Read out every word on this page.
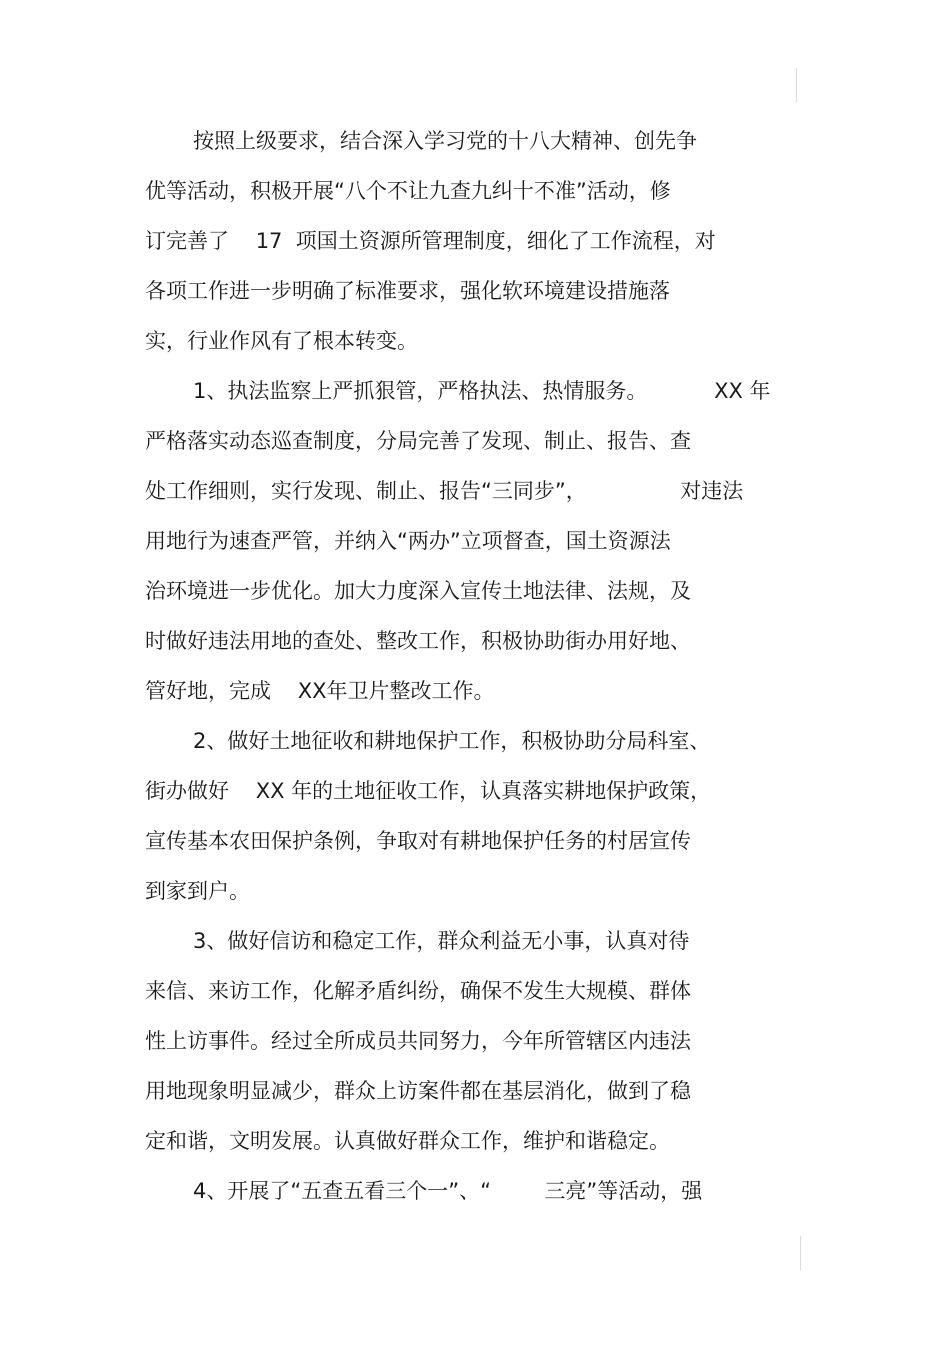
按照上级要求，结合深入学习党的十八大精神、创先争
优等活动，积极开展“八个不让九查九纠十不准”活动，修
订完善了    17  项国土资源所管理制度，细化了工作流程，对
各项工作进一步明确了标准要求，强化软环境建设措施落
实，行业作风有了根本转变。
1、执法监察上严抓狠管，严格执法、热情服务。          XX 年
严格落实动态巡查制度，分局完善了发现、制止、报告、查
处工作细则，实行发现、制止、报告“三同步”，              对违法
用地行为速查严管，并纳入“两办”立项督查，国土资源法
治环境进一步优化。加大力度深入宣传土地法律、法规，及
时做好违法用地的查处、整改工作，积极协助街办用好地、
管好地，完成    XX年卫片整改工作。
2、做好土地征收和耕地保护工作，积极协助分局科室、
街办做好    XX 年的土地征收工作，认真落实耕地保护政策，
宣传基本农田保护条例，争取对有耕地保护任务的村居宣传
到家到户。
3、做好信访和稳定工作，群众利益无小事，认真对待
来信、来访工作，化解矛盾纠纷，确保不发生大规模、群体
性上访事件。经过全所成员共同努力，今年所管辖区内违法
用地现象明显减少，群众上访案件都在基层消化，做到了稳
定和谐，文明发展。认真做好群众工作，维护和谐稳定。
4、开展了“五查五看三个一”、“        三亮”等活动，强
